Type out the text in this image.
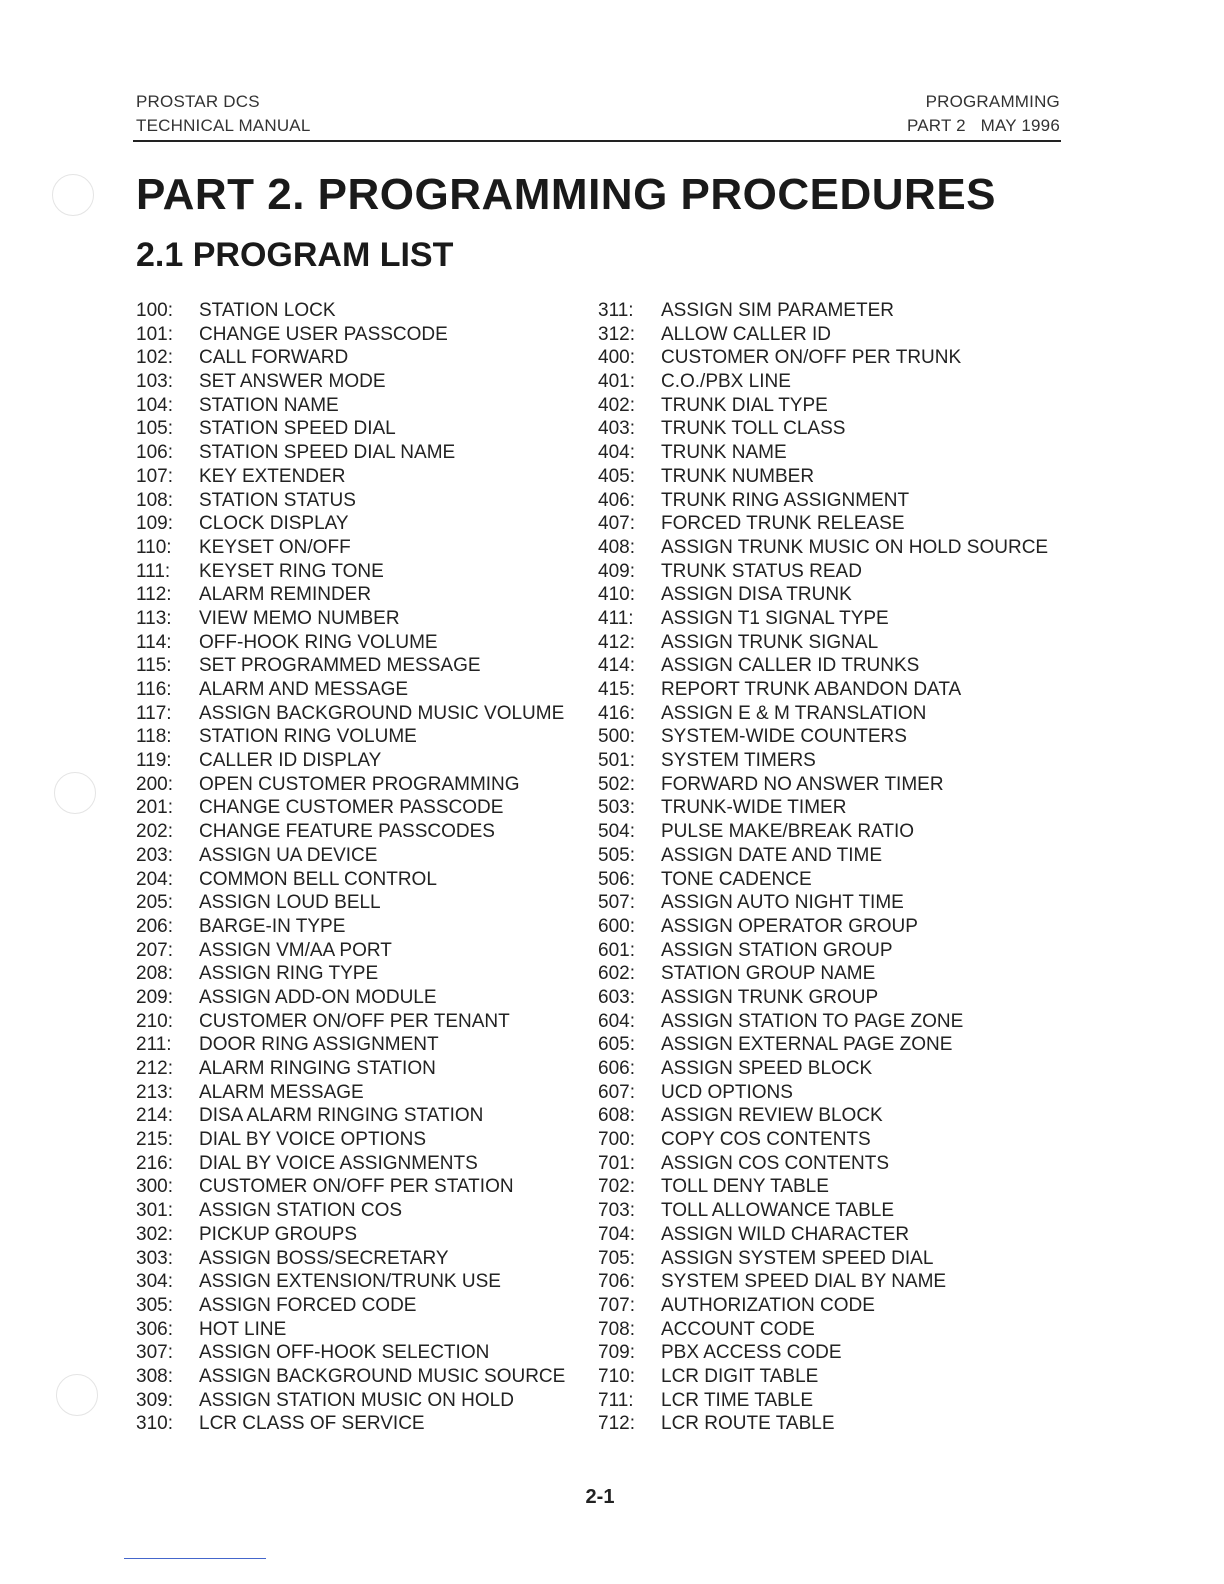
PROSTAR DCS
TECHNICAL MANUAL
PROGRAMMING
PART 2   MAY 1996
PART 2. PROGRAMMING PROCEDURES
2.1 PROGRAM LIST
100: STATION LOCK
101: CHANGE USER PASSCODE
102: CALL FORWARD
103: SET ANSWER MODE
104: STATION NAME
105: STATION SPEED DIAL
106: STATION SPEED DIAL NAME
107: KEY EXTENDER
108: STATION STATUS
109: CLOCK DISPLAY
110: KEYSET ON/OFF
111: KEYSET RING TONE
112: ALARM REMINDER
113: VIEW MEMO NUMBER
114: OFF-HOOK RING VOLUME
115: SET PROGRAMMED MESSAGE
116: ALARM AND MESSAGE
117: ASSIGN BACKGROUND MUSIC VOLUME
118: STATION RING VOLUME
119: CALLER ID DISPLAY
200: OPEN CUSTOMER PROGRAMMING
201: CHANGE CUSTOMER PASSCODE
202: CHANGE FEATURE PASSCODES
203: ASSIGN UA DEVICE
204: COMMON BELL CONTROL
205: ASSIGN LOUD BELL
206: BARGE-IN TYPE
207: ASSIGN VM/AA PORT
208: ASSIGN RING TYPE
209: ASSIGN ADD-ON MODULE
210: CUSTOMER ON/OFF PER TENANT
211: DOOR RING ASSIGNMENT
212: ALARM RINGING STATION
213: ALARM MESSAGE
214: DISA ALARM RINGING STATION
215: DIAL BY VOICE OPTIONS
216: DIAL BY VOICE ASSIGNMENTS
300: CUSTOMER ON/OFF PER STATION
301: ASSIGN STATION COS
302: PICKUP GROUPS
303: ASSIGN BOSS/SECRETARY
304: ASSIGN EXTENSION/TRUNK USE
305: ASSIGN FORCED CODE
306: HOT LINE
307: ASSIGN OFF-HOOK SELECTION
308: ASSIGN BACKGROUND MUSIC SOURCE
309: ASSIGN STATION MUSIC ON HOLD
310: LCR CLASS OF SERVICE
311: ASSIGN SIM PARAMETER
312: ALLOW CALLER ID
400: CUSTOMER ON/OFF PER TRUNK
401: C.O./PBX LINE
402: TRUNK DIAL TYPE
403: TRUNK TOLL CLASS
404: TRUNK NAME
405: TRUNK NUMBER
406: TRUNK RING ASSIGNMENT
407: FORCED TRUNK RELEASE
408: ASSIGN TRUNK MUSIC ON HOLD SOURCE
409: TRUNK STATUS READ
410: ASSIGN DISA TRUNK
411: ASSIGN T1 SIGNAL TYPE
412: ASSIGN TRUNK SIGNAL
414: ASSIGN CALLER ID TRUNKS
415: REPORT TRUNK ABANDON DATA
416: ASSIGN E & M TRANSLATION
500: SYSTEM-WIDE COUNTERS
501: SYSTEM TIMERS
502: FORWARD NO ANSWER TIMER
503: TRUNK-WIDE TIMER
504: PULSE MAKE/BREAK RATIO
505: ASSIGN DATE AND TIME
506: TONE CADENCE
507: ASSIGN AUTO NIGHT TIME
600: ASSIGN OPERATOR GROUP
601: ASSIGN STATION GROUP
602: STATION GROUP NAME
603: ASSIGN TRUNK GROUP
604: ASSIGN STATION TO PAGE ZONE
605: ASSIGN EXTERNAL PAGE ZONE
606: ASSIGN SPEED BLOCK
607: UCD OPTIONS
608: ASSIGN REVIEW BLOCK
700: COPY COS CONTENTS
701: ASSIGN COS CONTENTS
702: TOLL DENY TABLE
703: TOLL ALLOWANCE TABLE
704: ASSIGN WILD CHARACTER
705: ASSIGN SYSTEM SPEED DIAL
706: SYSTEM SPEED DIAL BY NAME
707: AUTHORIZATION CODE
708: ACCOUNT CODE
709: PBX ACCESS CODE
710: LCR DIGIT TABLE
711: LCR TIME TABLE
712: LCR ROUTE TABLE
2-1
